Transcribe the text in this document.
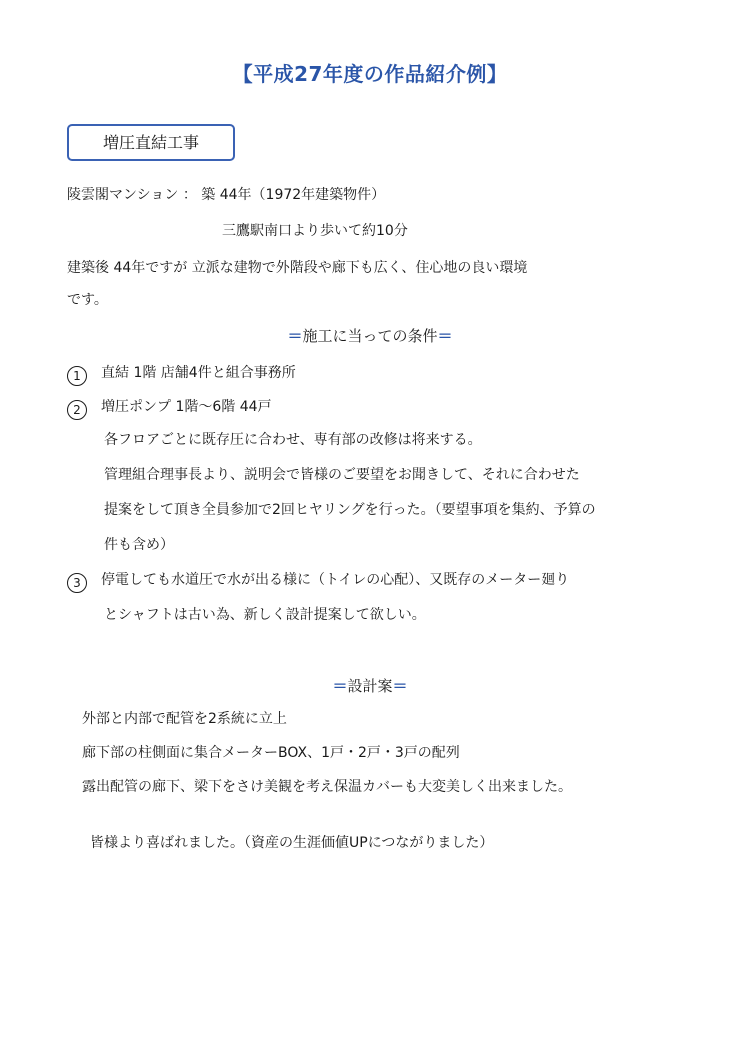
【平成27年度の作品紹介例】
増圧直結工事
陵雲閣マンション ： 築 44年（1972年建築物件）
三鷹駅南口より歩いて約10分
建築後 44年ですが 立派な建物で外階段や廊下も広く、住心地の良い環境
です。
＝施工に当っての条件＝
1 直結 1階 店舗4件と組合事務所
2 増圧ポンプ 1階～6階 44戸
各フロアごとに既存圧に合わせ、専有部の改修は将来する。
管理組合理事長より、説明会で皆様のご要望をお聞きして、それに合わせた
提案をして頂き全員参加で2回ヒヤリングを行った。（要望事項を集約、予算の
件も含め）
3 停電しても水道圧で水が出る様に（トイレの心配）、又既存のメーター廻り
とシャフトは古い為、新しく設計提案して欲しい。
＝設計案＝
外部と内部で配管を2系統に立上
廊下部の柱側面に集合メーターBOX、1戸・2戸・3戸の配列
露出配管の廊下、梁下をさけ美観を考え保温カバーも大変美しく出来ました。
皆様より喜ばれました。（資産の生涯価値UPにつながりました）
